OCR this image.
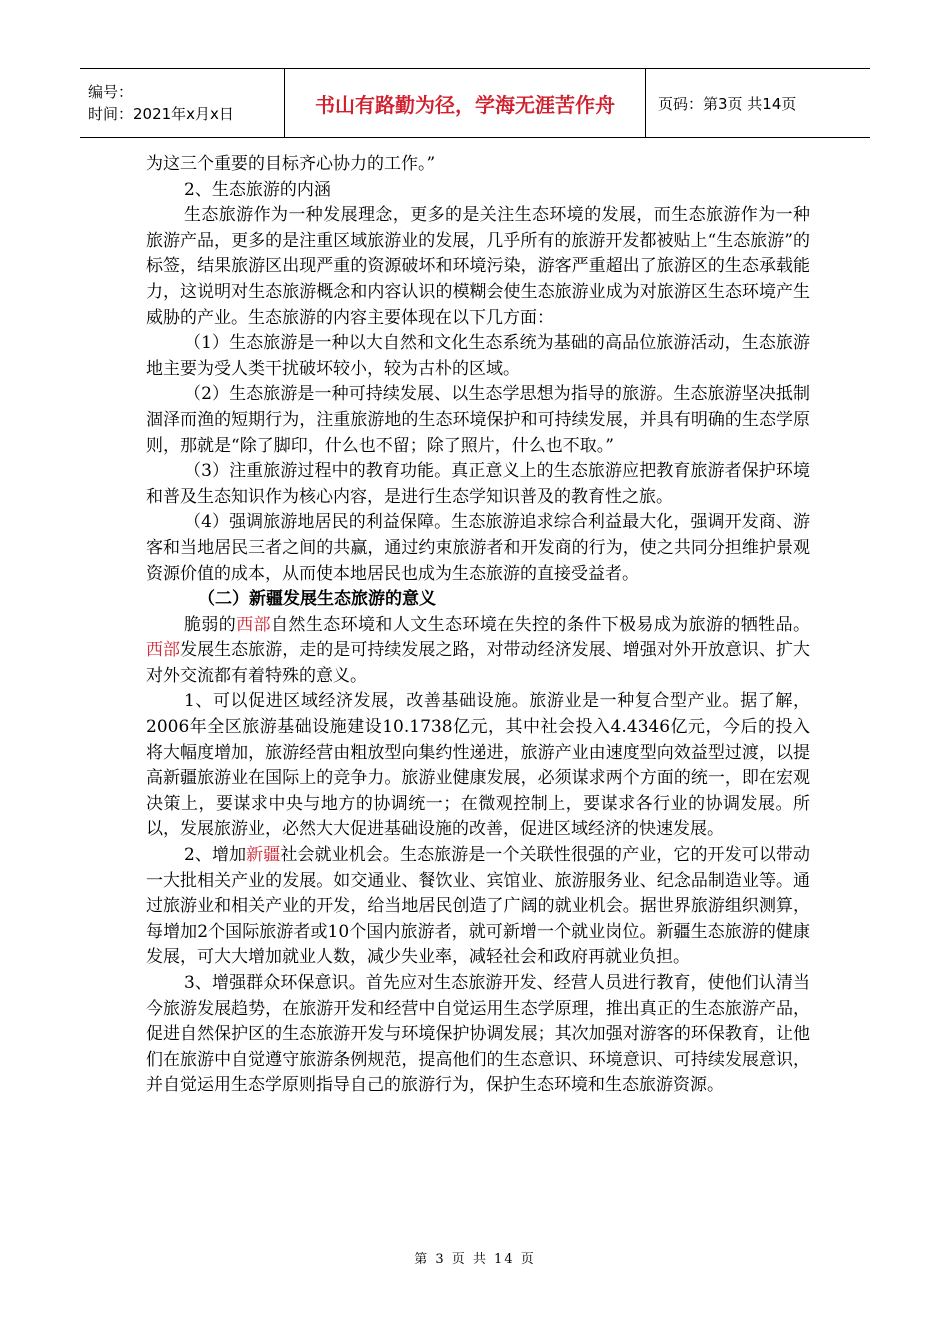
编号：
时间：2021年x月x日	书山有路勤为径，学海无涯苦作舟	页码：第3页 共14页

为这三个重要的目标齐心协力的工作。”

2、生态旅游的内涵

生态旅游作为一种发展理念，更多的是关注生态环境的发展，而生态旅游作为一种旅游产品，更多的是注重区域旅游业的发展，几乎所有的旅游开发都被贴上“生态旅游”的标签，结果旅游区出现严重的资源破坏和环境污染，游客严重超出了旅游区的生态承载能力，这说明对生态旅游概念和内容认识的模糊会使生态旅游业成为对旅游区生态环境产生威胁的产业。生态旅游的内容主要体现在以下几方面：

（1）生态旅游是一种以大自然和文化生态系统为基础的高品位旅游活动，生态旅游地主要为受人类干扰破坏较小，较为古朴的区域。

（2）生态旅游是一种可持续发展、以生态学思想为指导的旅游。生态旅游坚决抵制涸泽而渔的短期行为，注重旅游地的生态环境保护和可持续发展，并具有明确的生态学原则，那就是“除了脚印，什么也不留；除了照片，什么也不取。”

（3）注重旅游过程中的教育功能。真正意义上的生态旅游应把教育旅游者保护环境和普及生态知识作为核心内容，是进行生态学知识普及的教育性之旅。

（4）强调旅游地居民的利益保障。生态旅游追求综合利益最大化，强调开发商、游客和当地居民三者之间的共赢，通过约束旅游者和开发商的行为，使之共同分担维护景观资源价值的成本，从而使本地居民也成为生态旅游的直接受益者。

（二）新疆发展生态旅游的意义

脆弱的西部自然生态环境和人文生态环境在失控的条件下极易成为旅游的牺牲品。西部发展生态旅游，走的是可持续发展之路，对带动经济发展、增强对外开放意识、扩大对外交流都有着特殊的意义。

1、可以促进区域经济发展，改善基础设施。旅游业是一种复合型产业。据了解，2006年全区旅游基础设施建设10.1738亿元，其中社会投入4.4346亿元，今后的投入将大幅度增加，旅游经营由粗放型向集约性递进，旅游产业由速度型向效益型过渡，以提高新疆旅游业在国际上的竞争力。旅游业健康发展，必须谋求两个方面的统一，即在宏观决策上，要谋求中央与地方的协调统一；在微观控制上，要谋求各行业的协调发展。所以，发展旅游业，必然大大促进基础设施的改善，促进区域经济的快速发展。

2、增加新疆社会就业机会。生态旅游是一个关联性很强的产业，它的开发可以带动一大批相关产业的发展。如交通业、餐饮业、宾馆业、旅游服务业、纪念品制造业等。通过旅游业和相关产业的开发，给当地居民创造了广阔的就业机会。据世界旅游组织测算，每增加2个国际旅游者或10个国内旅游者，就可新增一个就业岗位。新疆生态旅游的健康发展，可大大增加就业人数，减少失业率，减轻社会和政府再就业负担。

3、增强群众环保意识。首先应对生态旅游开发、经营人员进行教育，使他们认清当今旅游发展趋势，在旅游开发和经营中自觉运用生态学原理，推出真正的生态旅游产品，促进自然保护区的生态旅游开发与环境保护协调发展；其次加强对游客的环保教育，让他们在旅游中自觉遵守旅游条例规范，提高他们的生态意识、环境意识、可持续发展意识，并自觉运用生态学原则指导自己的旅游行为，保护生态环境和生态旅游资源。

第 3 页 共 14 页
